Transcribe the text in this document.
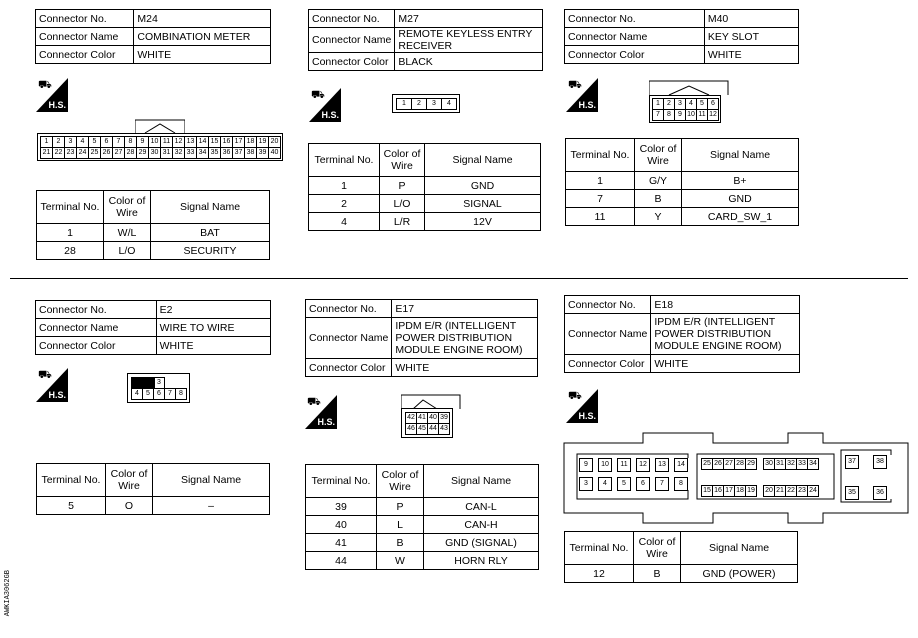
Connector No.	M24
Connector Name	COMBINATION METER
Connector Color	WHITE
⛟
H.S.
1	2	3	4	5	6	7	8	9 10 11 12 13 14 15 16 17 18 19 20
21 22 23 24 25 26 27 28 29 30 31 32 33 34 35 36 37 38 39 40
Terminal No.	Color of Wire	Signal Name
1	W/L	BAT
28	L/O	SECURITY
Connector No.	M27
Connector Name	REMOTE KEYLESS ENTRY RECEIVER
Connector Color	BLACK
⛟
H.S.
1	2	3	4
Terminal No.	Color of Wire	Signal Name
1	P	GND
2	L/O	SIGNAL
4	L/R	12V
Connector No.	M40
Connector Name	KEY SLOT
Connector Color	WHITE
⛟
H.S.	1	2	3	4	5	6
7	8	9 10 11 12
Terminal No.	Color of Wire	Signal Name
1	G/Y	B+
7	B	GND
11	Y	CARD_SW_1
Connector No.	E2
Connector Name	WIRE TO WIRE
Connector Color	WHITE
⛟
H.S.
3
4	5	6	7	8
Terminal No.	Color of Wire	Signal Name
5	O	–
Connector No.	E17
Connector Name	IPDM E/R (INTELLIGENT POWER DISTRIBUTION MODULE ENGINE ROOM)
Connector Color	WHITE
⛟
H.S.	42 41 40 39
46 45 44 43
Terminal No.	Color of Wire	Signal Name
39	P	CAN-L
40	L	CAN-H
41	B	GND (SIGNAL)
44	W	HORN RLY
Connector No.	E18
Connector Name	IPDM E/R (INTELLIGENT POWER DISTRIBUTION MODULE ENGINE ROOM)
Connector Color	WHITE
⛟
H.S.
9	10	11	12	13	14
3	4	5	6	7	8
25 26 27 28 29
15 16 17 18 19
30 31 32 33 34
20 21 22 23 24
37	38
35	36
Terminal No.	Color of Wire	Signal Name
12	B	GND (POWER)
AWKIA3062GB
